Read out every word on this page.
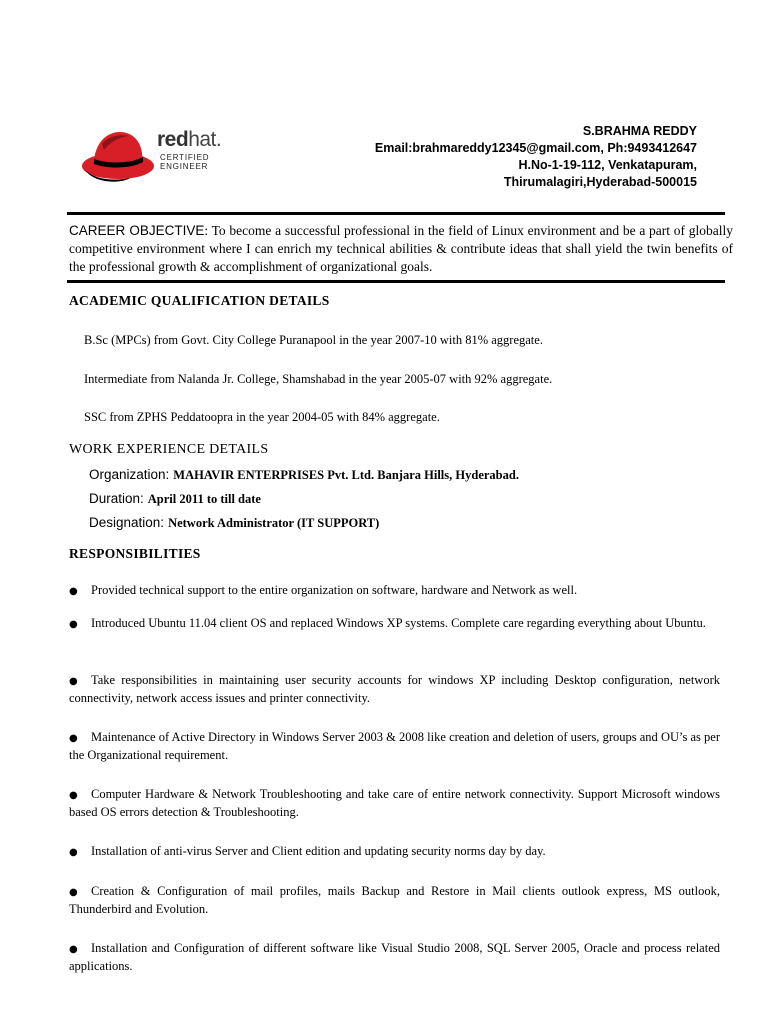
redhat.
CERTIFIED
ENGINEER
S.BRAHMA REDDY
Email:brahmareddy12345@gmail.com, Ph:9493412647
H.No-1-19-112, Venkatapuram,
Thirumalagiri,Hyderabad-500015
CAREER OBJECTIVE: To become a successful professional in the field of Linux environment and be a part of globally competitive environment where I can enrich my technical abilities & contribute ideas that shall yield the twin benefits of the professional growth & accomplishment of organizational goals.
ACADEMIC QUALIFICATION DETAILS
B.Sc (MPCs) from Govt. City College Puranapool in the year 2007-10 with 81% aggregate.
Intermediate from Nalanda Jr. College, Shamshabad in the year 2005-07 with 92% aggregate.
SSC from ZPHS Peddatoopra in the year 2004-05 with 84% aggregate.
WORK EXPERIENCE DETAILS
Organization: MAHAVIR ENTERPRISES Pvt. Ltd. Banjara Hills, Hyderabad.
Duration: April 2011 to till date
Designation: Network Administrator (IT SUPPORT)
RESPONSIBILITIES
● Provided technical support to the entire organization on software, hardware and Network as well.
● Introduced Ubuntu 11.04 client OS and replaced Windows XP systems. Complete care regarding everything about Ubuntu.
● Take responsibilities in maintaining user security accounts for windows XP including Desktop configuration, network connectivity, network access issues and printer connectivity.
● Maintenance of Active Directory in Windows Server 2003 & 2008 like creation and deletion of users, groups and OU’s as per the Organizational requirement.
● Computer Hardware & Network Troubleshooting and take care of entire network connectivity. Support Microsoft windows based OS errors detection & Troubleshooting.
● Installation of anti-virus Server and Client edition and updating security norms day by day.
● Creation & Configuration of mail profiles, mails Backup and Restore in Mail clients outlook express, MS outlook, Thunderbird and Evolution.
● Installation and Configuration of different software like Visual Studio 2008, SQL Server 2005, Oracle and process related applications.
